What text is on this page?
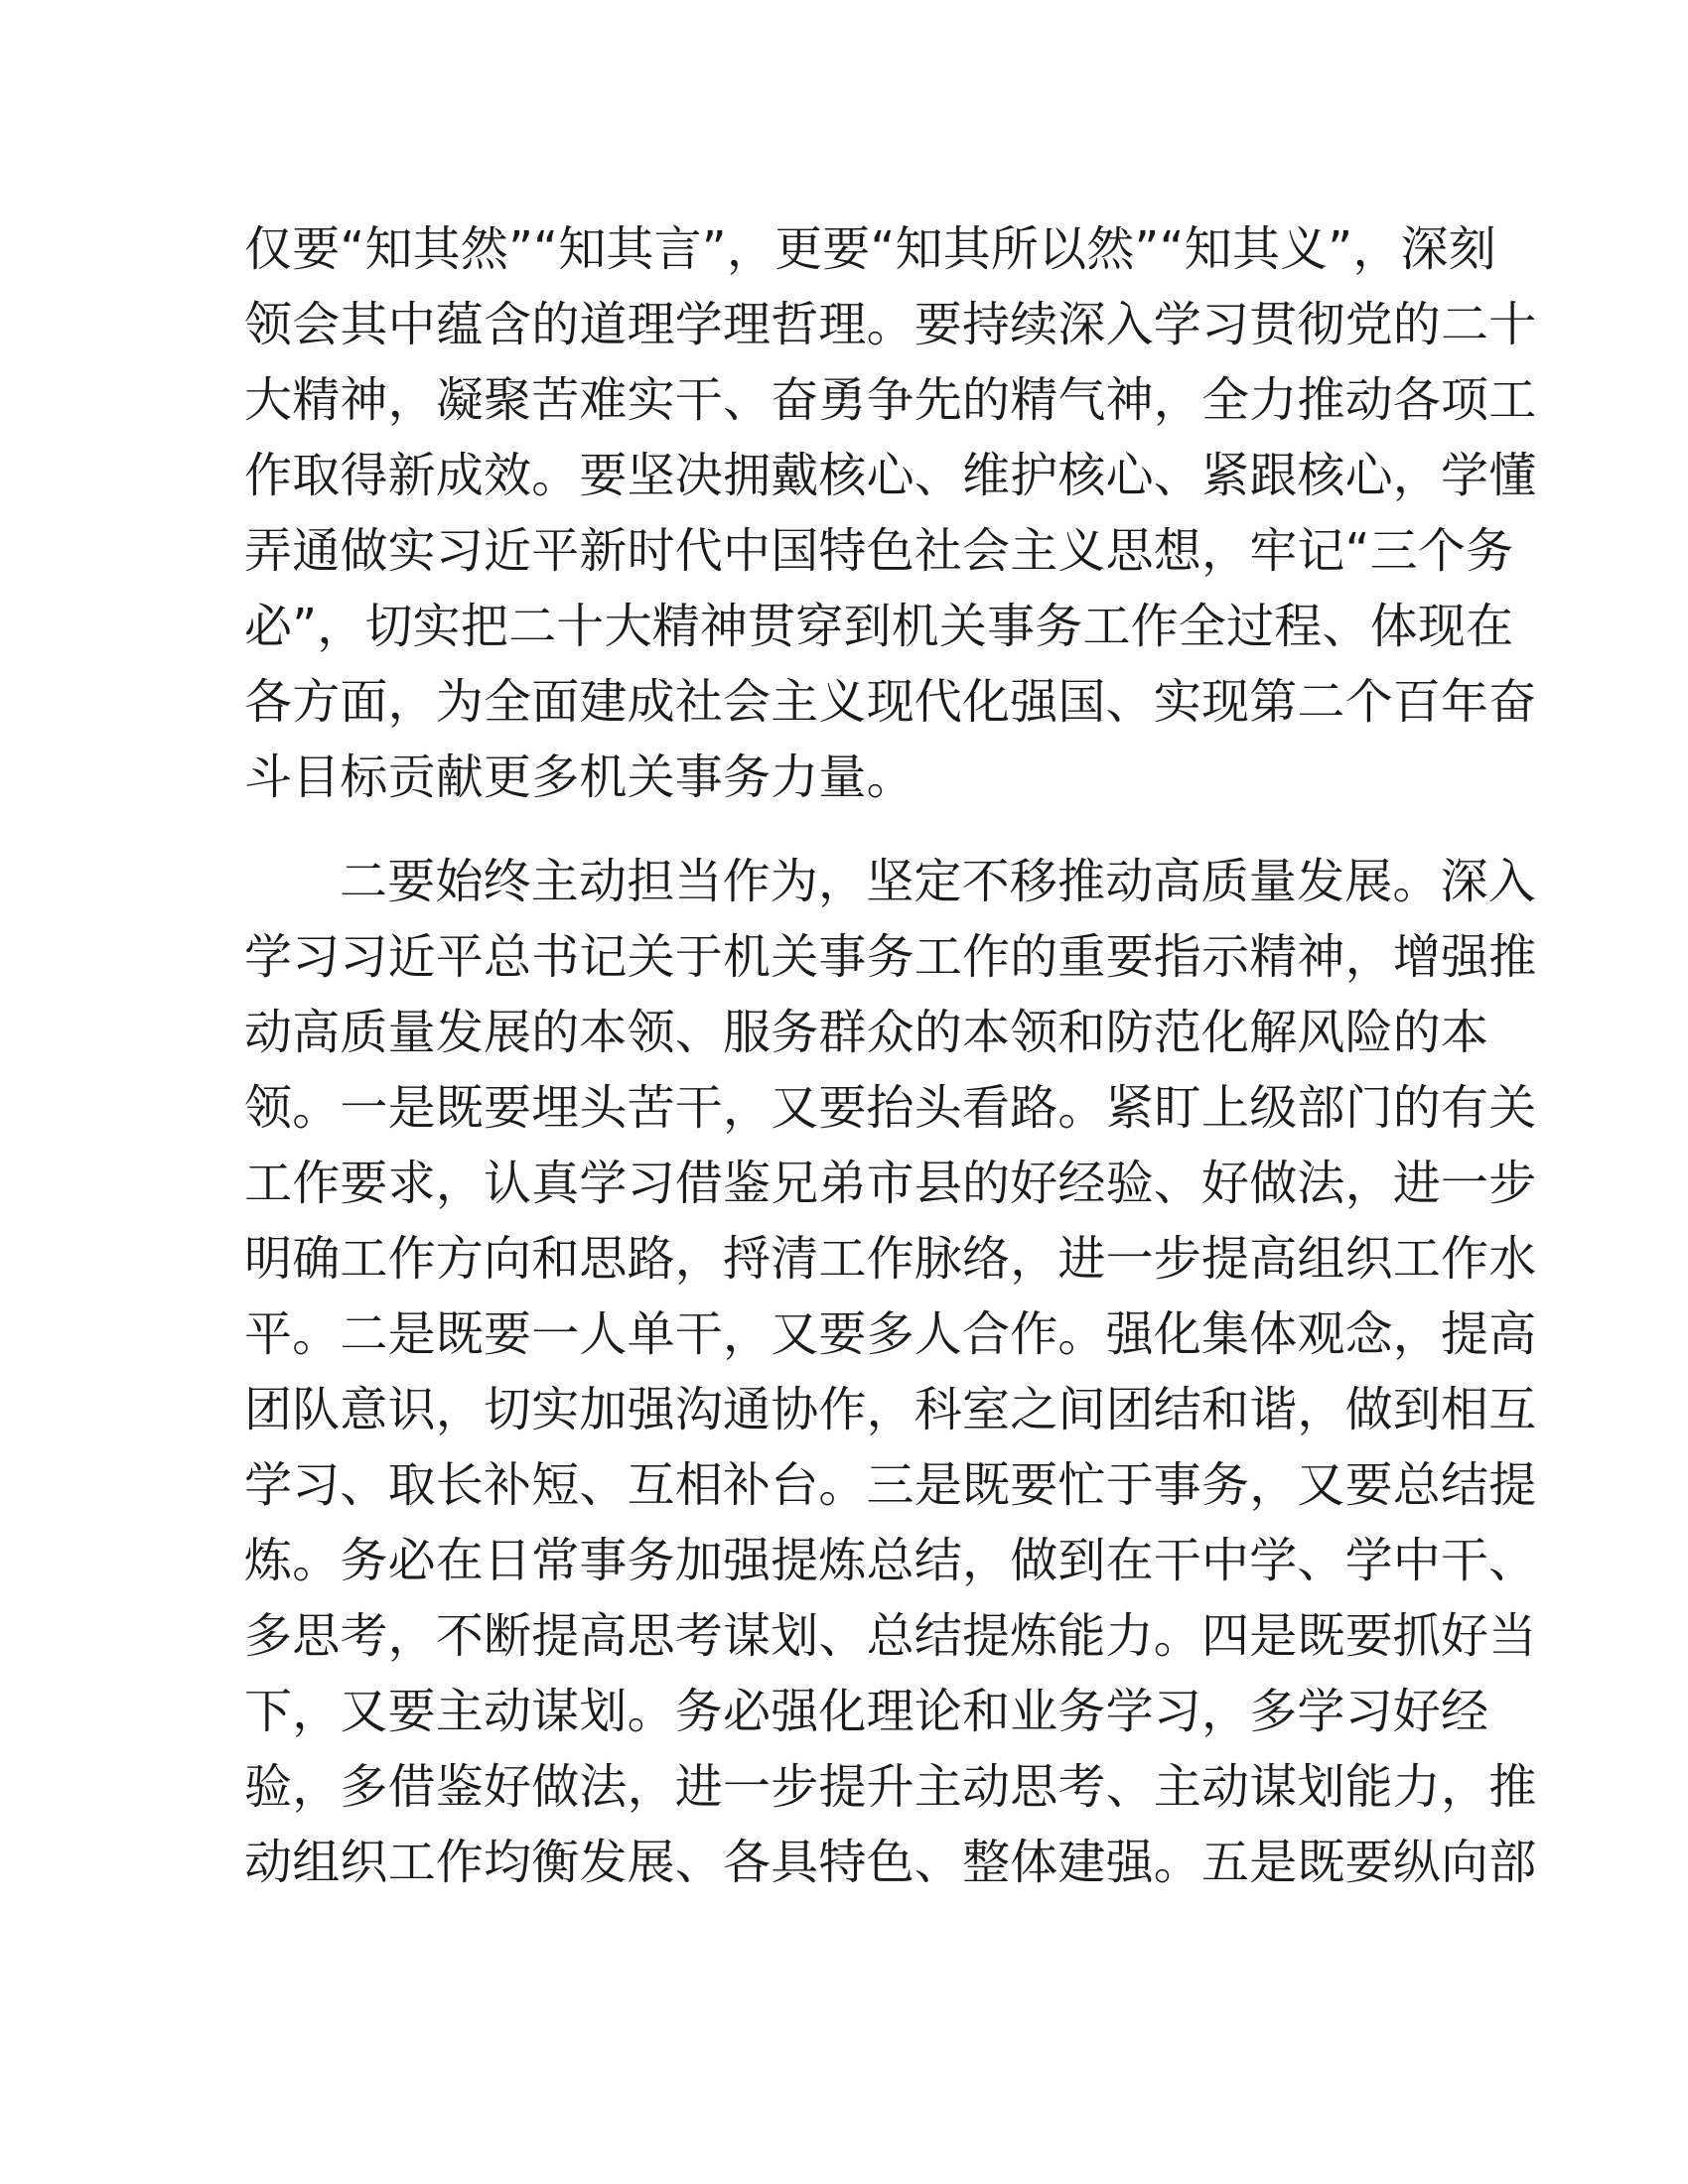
仅要“知其然”“知其言”，更要“知其所以然”“知其义”，深刻
领会其中蕴含的道理学理哲理。要持续深入学习贯彻党的二十
大精神，凝聚苦难实干、奋勇争先的精气神，全力推动各项工
作取得新成效。要坚决拥戴核心、维护核心、紧跟核心，学懂
弄通做实习近平新时代中国特色社会主义思想，牢记“三个务
必”，切实把二十大精神贯穿到机关事务工作全过程、体现在
各方面，为全面建成社会主义现代化强国、实现第二个百年奋
斗目标贡献更多机关事务力量。
二要始终主动担当作为，坚定不移推动高质量发展。深入
学习习近平总书记关于机关事务工作的重要指示精神，增强推
动高质量发展的本领、服务群众的本领和防范化解风险的本
领。一是既要埋头苦干，又要抬头看路。紧盯上级部门的有关
工作要求，认真学习借鉴兄弟市县的好经验、好做法，进一步
明确工作方向和思路，捋清工作脉络，进一步提高组织工作水
平。二是既要一人单干，又要多人合作。强化集体观念，提高
团队意识，切实加强沟通协作，科室之间团结和谐，做到相互
学习、取长补短、互相补台。三是既要忙于事务，又要总结提
炼。务必在日常事务加强提炼总结，做到在干中学、学中干、
多思考，不断提高思考谋划、总结提炼能力。四是既要抓好当
下，又要主动谋划。务必强化理论和业务学习，多学习好经
验，多借鉴好做法，进一步提升主动思考、主动谋划能力，推
动组织工作均衡发展、各具特色、整体建强。五是既要纵向部
